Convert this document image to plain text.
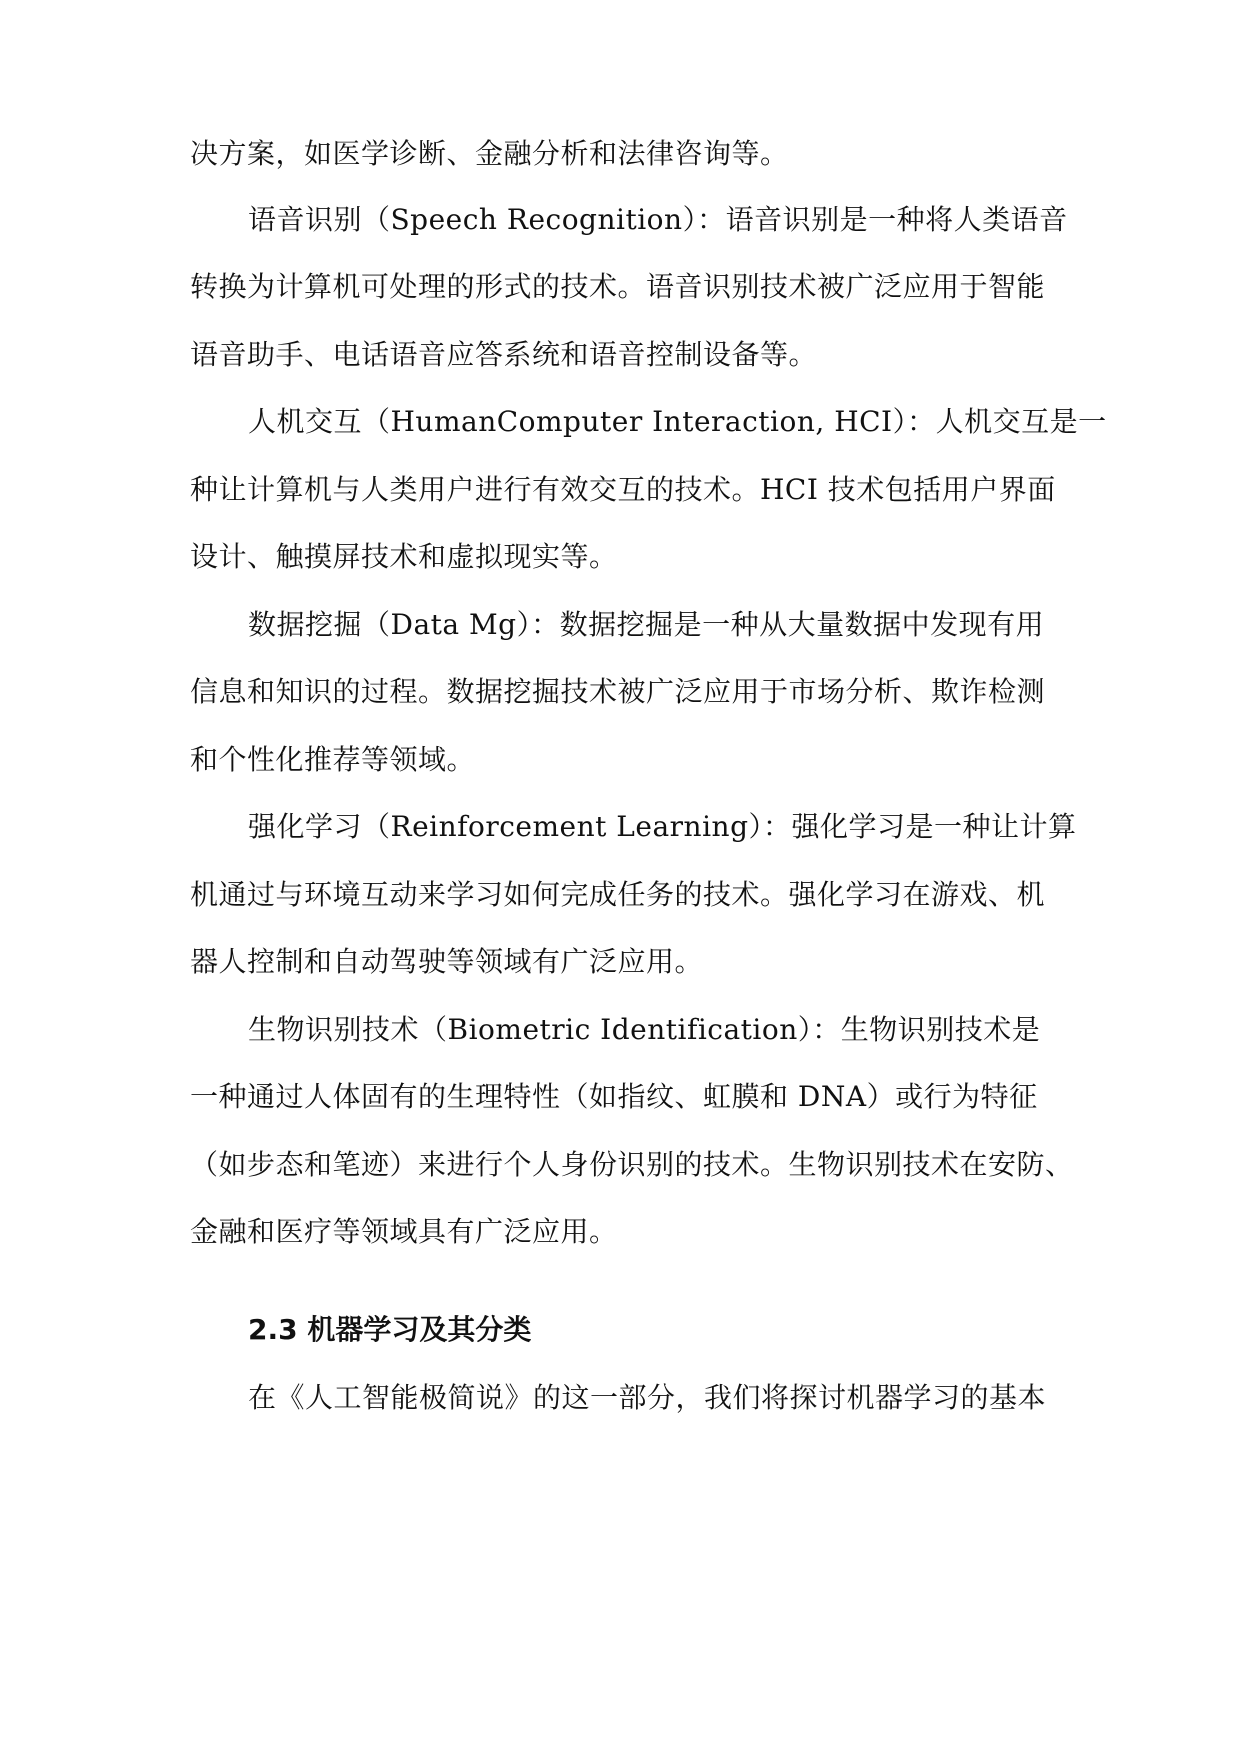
决方案，如医学诊断、金融分析和法律咨询等。
语音识别（Speech Recognition）：语音识别是一种将人类语音
转换为计算机可处理的形式的技术。语音识别技术被广泛应用于智能
语音助手、电话语音应答系统和语音控制设备等。
人机交互（HumanComputer Interaction, HCI）：人机交互是一
种让计算机与人类用户进行有效交互的技术。HCI 技术包括用户界面
设计、触摸屏技术和虚拟现实等。
数据挖掘（Data Mg）：数据挖掘是一种从大量数据中发现有用
信息和知识的过程。数据挖掘技术被广泛应用于市场分析、欺诈检测
和个性化推荐等领域。
强化学习（Reinforcement Learning）：强化学习是一种让计算
机通过与环境互动来学习如何完成任务的技术。强化学习在游戏、机
器人控制和自动驾驶等领域有广泛应用。
生物识别技术（Biometric Identification）：生物识别技术是
一种通过人体固有的生理特性（如指纹、虹膜和 DNA）或行为特征
（如步态和笔迹）来进行个人身份识别的技术。生物识别技术在安防、
金融和医疗等领域具有广泛应用。
2.3 机器学习及其分类
在《人工智能极简说》的这一部分，我们将探讨机器学习的基本
